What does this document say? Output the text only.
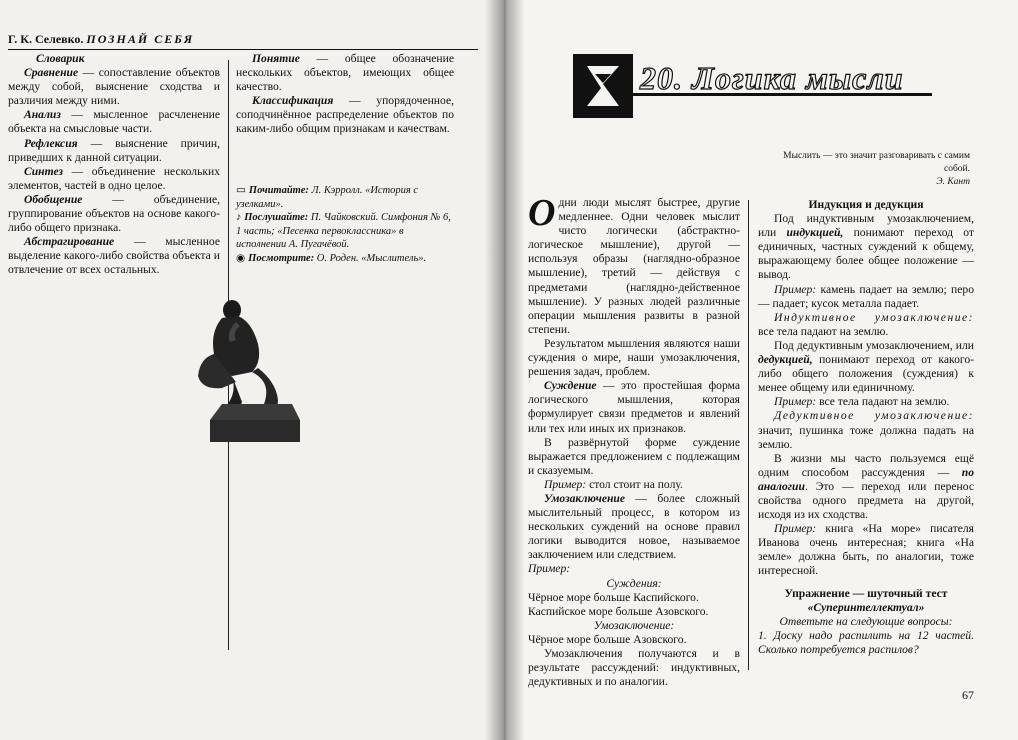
Г. К. Селевко. ПОЗНАЙ СЕБЯ

Словарик

Сравнение — сопоставление объектов между собой, выяснение сходства и различия между ними.

Анализ — мысленное расчленение объекта на смысловые части.

Рефлексия — выяснение причин, приведших к данной ситуации.

Синтез — объединение нескольких элементов, частей в одно целое.

Обобщение — объединение, группирование объектов на основе какого-либо общего признака.

Абстрагирование — мысленное выделение какого-либо свойства объекта и отвлечение от всех остальных.

Понятие — общее обозначение нескольких объектов, имеющих общее качество.

Классификация — упорядоченное, соподчинённое распределение объектов по каким-либо общим признакам и качествам.

▭ Почитайте: Л. Кэрролл. «История с узелками».
♪ Послушайте: П. Чайковский. Симфония № 6, 1 часть; «Песенка первоклассника» в исполнении А. Пугачёвой.
◉ Посмотрите: О. Роден. «Мыслитель».
20. Логика мысли
Мыслить — это значит разговаривать с самим собой.
Э. Кант

Одни люди мыслят быстрее, другие медленнее. Одни человек мыслит чисто логически (абстрактно-логическое мышление), другой — используя образы (наглядно-образное мышление), третий — действуя с предметами (наглядно-действенное мышление). У разных людей различные операции мышления развиты в разной степени.

Результатом мышления являются наши суждения о мире, наши умозаключения, решения задач, проблем.

Суждение — это простейшая форма логического мышления, которая формулирует связи предметов и явлений или тех или иных их признаков.

В развёрнутой форме суждение выражается предложением с подлежащим и сказуемым.

Пример: стол стоит на полу.

Умозаключение — более сложный мыслительный процесс, в котором из нескольких суждений на основе правил логики выводится новое, называемое заключением или следствием.

Пример:

Суждения:

Чёрное море больше Каспийского.

Каспийское море больше Азовского.

Умозаключение:

Чёрное море больше Азовского.

Умозаключения получаются и в результате рассуждений: индуктивных, дедуктивных и по аналогии.

Индукция и дедукция

Под индуктивным умозаключением, или индукцией, понимают переход от единичных, частных суждений к общему, выражающему более общее положение — вывод.

Пример: камень падает на землю; перо — падает; кусок металла падает.

Индуктивное умозаключение: все тела падают на землю.

Под дедуктивным умозаключением, или дедукцией, понимают переход от какого-либо общего положения (суждения) к менее общему или единичному.

Пример: все тела падают на землю.

Дедуктивное умозаключение: значит, пушинка тоже должна падать на землю.

В жизни мы часто пользуемся ещё одним способом рассуждения — по аналогии. Это — переход или перенос свойства одного предмета на другой, исходя из их сходства.

Пример: книга «На море» писателя Иванова очень интересная; книга «На земле» должна быть, по аналогии, тоже интересной.

Упражнение — шуточный тест

«Суперинтеллектуал»

Ответьте на следующие вопросы:

1. Доску надо распилить на 12 частей. Сколько потребуется распилов?

67
